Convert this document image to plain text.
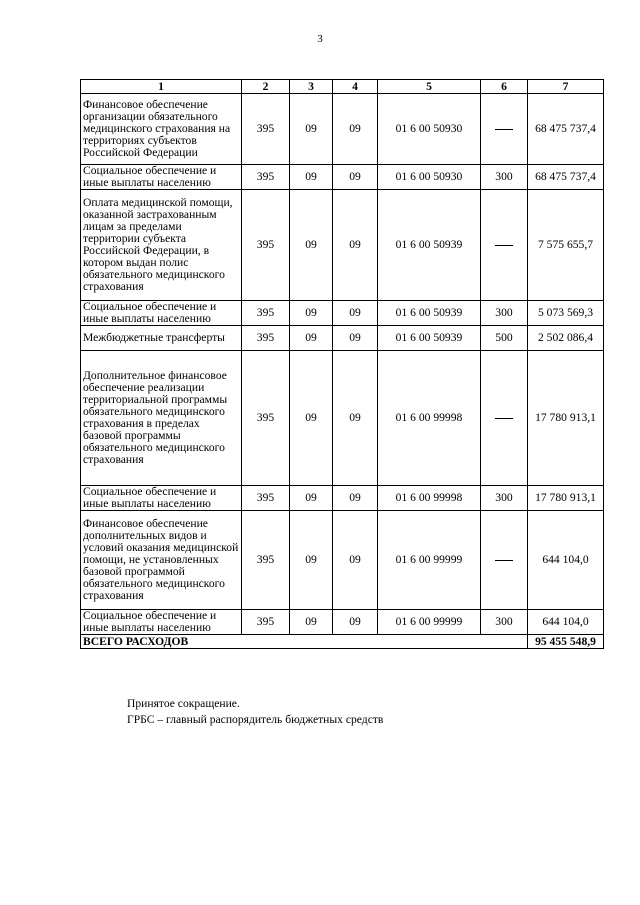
3
1	2	3	4	5	6	7
Финансовое обеспечение организации обязательного медицинского страхования на территориях субъектов Российской Федерации	395	09	09	01 6 00 50930		68 475 737,4
Социальное обеспечение и иные выплаты населению	395	09	09	01 6 00 50930	300	68 475 737,4
Оплата медицинской помощи, оказанной застрахованным лицам за пределами территории субъекта Российской Федерации, в котором выдан полис обязательного медицинского страхования	395	09	09	01 6 00 50939		7 575 655,7
Социальное обеспечение и иные выплаты населению	395	09	09	01 6 00 50939	300	5 073 569,3
Межбюджетные трансферты	395	09	09	01 6 00 50939	500	2 502 086,4
Дополнительное финансовое обеспечение реализации территориальной программы обязательного медицинского страхования в пределах базовой программы обязательного медицинского страхования	395	09	09	01 6 00 99998		17 780 913,1
Социальное обеспечение и иные выплаты населению	395	09	09	01 6 00 99998	300	17 780 913,1
Финансовое обеспечение дополнительных видов и условий оказания медицинской помощи, не установленных базовой программой обязательного медицинского страхования	395	09	09	01 6 00 99999		644 104,0
Социальное обеспечение и иные выплаты населению	395	09	09	01 6 00 99999	300	644 104,0
ВСЕГО РАСХОДОВ						95 455 548,9
Принятое сокращение.
ГРБС – главный распорядитель бюджетных средств
